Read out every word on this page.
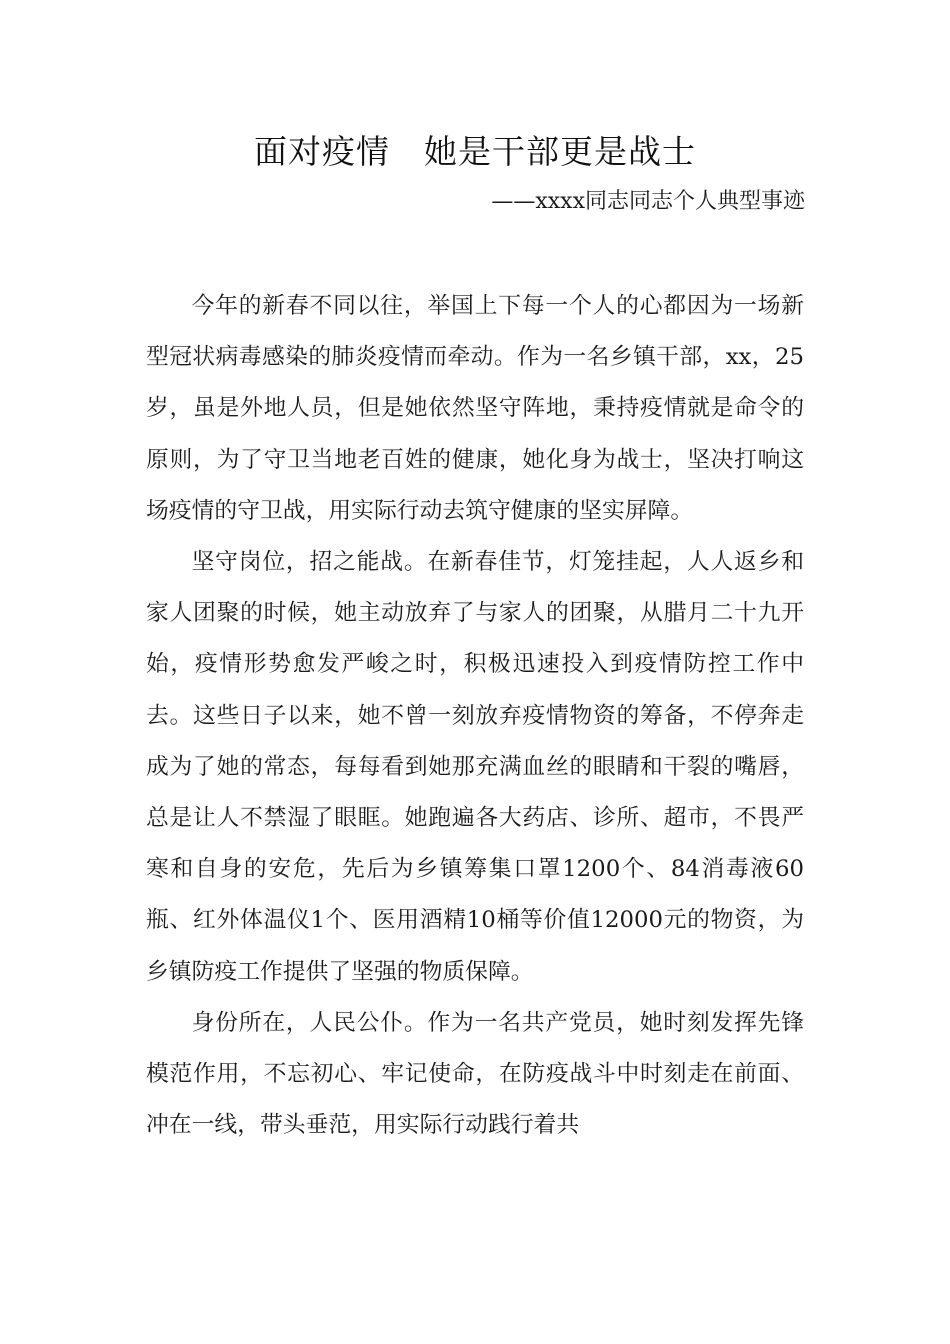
面对疫情　她是干部更是战士
——xxxx同志同志个人典型事迹

今年的新春不同以往，举国上下每一个人的心都因为一场新型冠状病毒感染的肺炎疫情而牵动。作为一名乡镇干部，xx，25岁，虽是外地人员，但是她依然坚守阵地，秉持疫情就是命令的原则，为了守卫当地老百姓的健康，她化身为战士，坚决打响这场疫情的守卫战，用实际行动去筑守健康的坚实屏障。

坚守岗位，招之能战。在新春佳节，灯笼挂起，人人返乡和家人团聚的时候，她主动放弃了与家人的团聚，从腊月二十九开始，疫情形势愈发严峻之时，积极迅速投入到疫情防控工作中去。这些日子以来，她不曾一刻放弃疫情物资的筹备，不停奔走成为了她的常态，每每看到她那充满血丝的眼睛和干裂的嘴唇，总是让人不禁湿了眼眶。她跑遍各大药店、诊所、超市，不畏严寒和自身的安危，先后为乡镇筹集口罩1200个、84消毒液60瓶、红外体温仪1个、医用酒精10桶等价值12000元的物资，为乡镇防疫工作提供了坚强的物质保障。

身份所在，人民公仆。作为一名共产党员，她时刻发挥先锋模范作用，不忘初心、牢记使命，在防疫战斗中时刻走在前面、冲在一线，带头垂范，用实际行动践行着共
